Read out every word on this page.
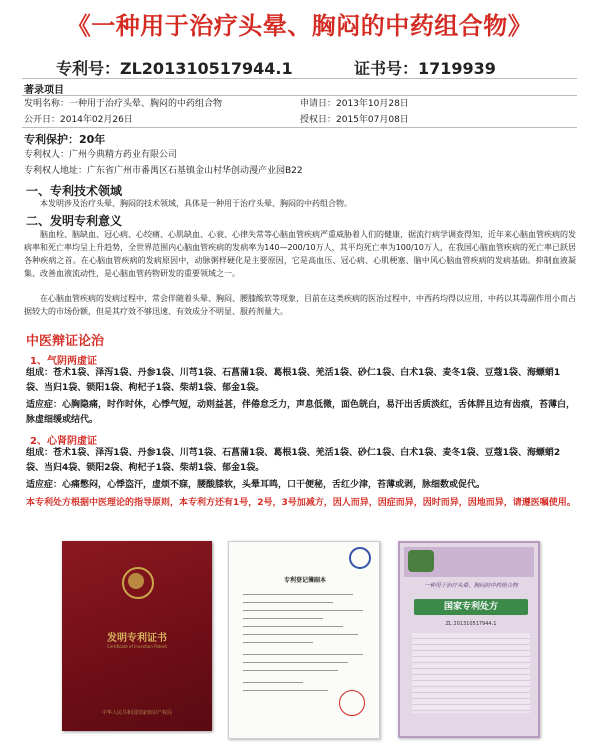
《一种用于治疗头晕、胸闷的中药组合物》
专利号：ZL201310517944.1	证书号：1719939
著录项目
发明名称：一种用于治疗头晕、胸闷的中药组合物	申请日：2013年10月28日
公开日：2014年02月26日	授权日：2015年07月08日
专利保护：20年
专利权人：广州今典精方药业有限公司
专利权人地址：广东省广州市番禺区石基镇金山村华创动漫产业园B22
一、专利技术领域
本发明涉及治疗头晕、胸闷的技术领域，具体是一种用于治疗头晕、胸闷的中药组合物。
二、发明专利意义
脑血栓、脑缺血、冠心病、心绞痛、心肌缺血、心衰、心律失常等心脑血管疾病严重威胁着人们的健康，据流行病学调查得知，近年来心脑血管疾病的发病率和死亡率均呈上升趋势，全世界范围内心脑血管疾病的发病率为140—200/10万人，其平均死亡率为100/10万人，在我国心脑血管疾病的死亡率已跃居各种疾病之首。在心脑血管疾病的发病原因中，动脉粥样硬化是主要原因，它是高血压、冠心病、心肌梗塞、脑中风心脑血管疾病的发病基础。抑制血液凝集、改善血液流动性，是心脑血管药物研发的重要领域之一。
在心脑血管疾病的发病过程中，常会伴随着头晕、胸闷、腰膝酸软等现象，目前在这类疾病的医治过程中，中西药均得以应用，中药以其毒副作用小而占据较大的市场份额，但是其疗效不够迅速、有效成分不明显、服药剂量大。
中医辩证论治
1、气阴两虚证
组成：苍术1袋、泽泻1袋、丹参1袋、川芎1袋、石菖蒲1袋、葛根1袋、羌活1袋、砂仁1袋、白术1袋、麦冬1袋、豆蔻1袋、海螵蛸1袋、当归1袋、锁阳1袋、枸杞子1袋、柴胡1袋、郁金1袋。
适应症：心胸隐痛，时作时休，心悸气短，动则益甚，伴倦怠乏力，声息低微，面色㿠白，易汗出舌质淡红，舌体胖且边有齿痕，苔薄白，脉虚细缓或结代。
2、心肾阴虚证
组成：苍术1袋、泽泻1袋、丹参1袋、川芎1袋、石菖蒲1袋、葛根1袋、羌活1袋、砂仁1袋、白术1袋、麦冬1袋、豆蔻1袋、海螵蛸2袋、当归4袋、锁阳2袋、枸杞子1袋、柴胡1袋、郁金1袋。
适应症：心痛憋闷，心悸盗汗，虚烦不寐，腰酸膝软，头晕耳鸣，口干便秘，舌红少津，苔薄或剥，脉细数或促代。
本专利处方根据中医理论的指导原则，本专利方还有1号，2号，3号加减方，因人而异，因症而异，因时而异，因地而异，请遵医嘱使用。
发明专利证书
Certificate of Invention Patent
中华人民共和国国家知识产权局
专利登记簿副本
一种用于治疗头晕、胸闷的中药组合物
国家专利处方
ZL 201310517944.1
